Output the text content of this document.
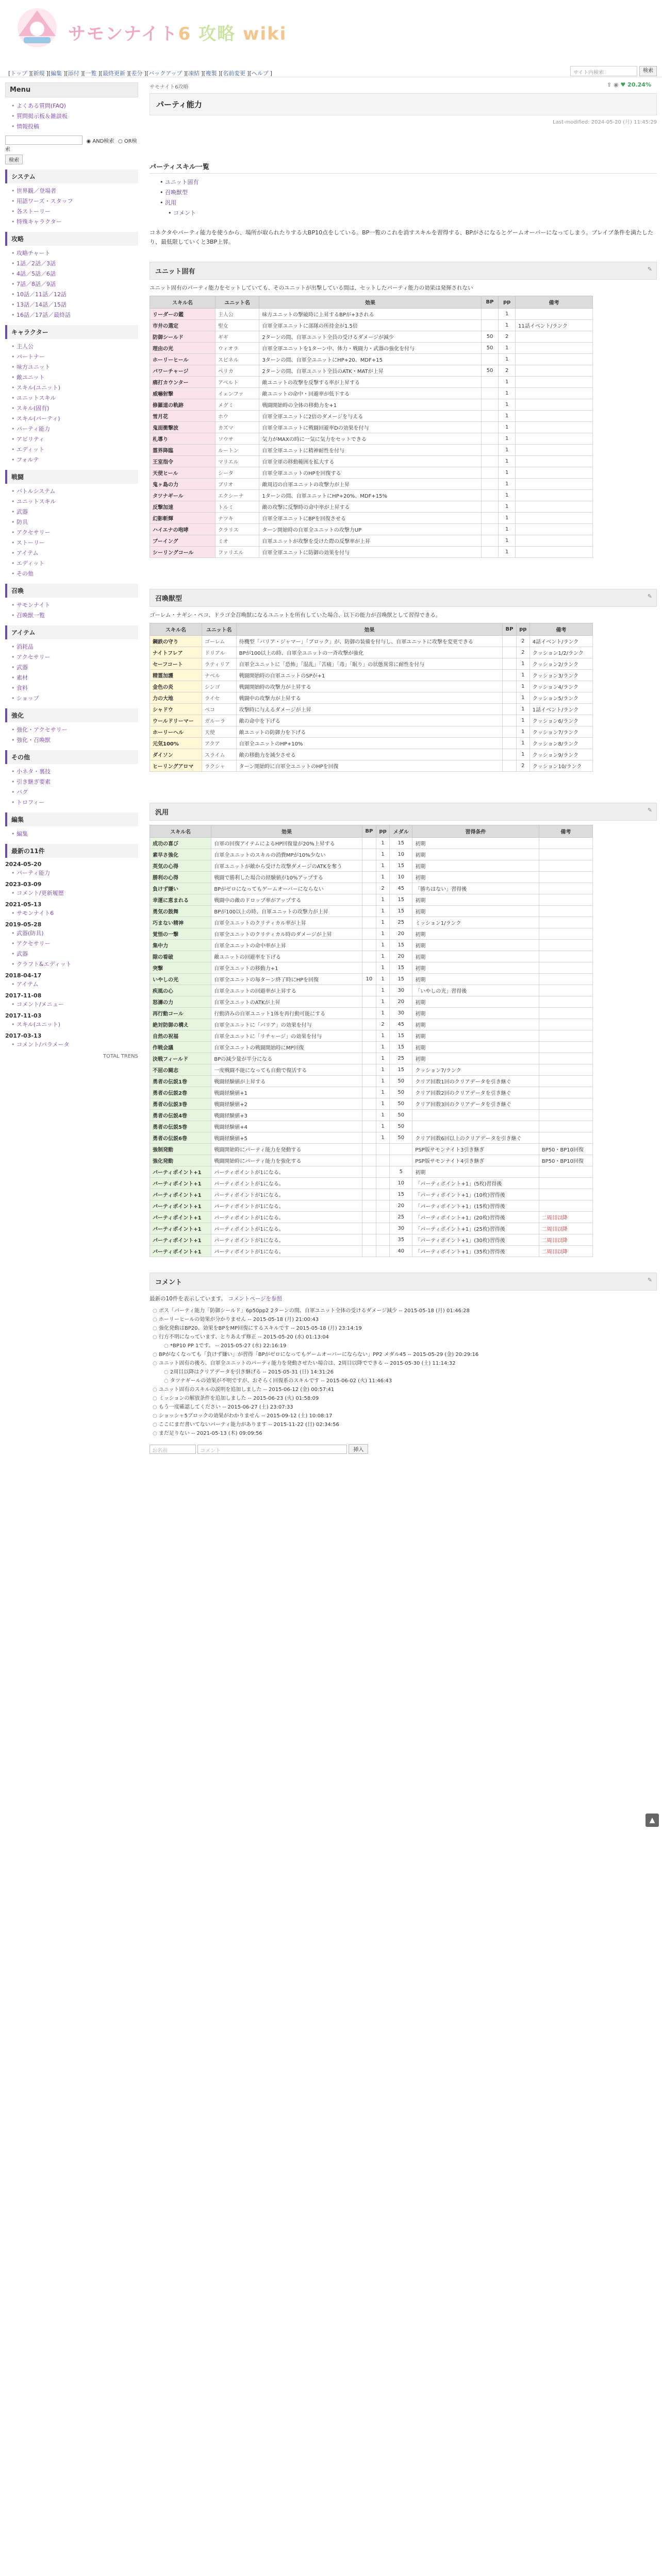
サモンナイト6 攻略 wiki
[トップ ][新規 ][編集 ][添付 ][一覧 ][最終更新 ][差分 ][バックアップ ][凍結 ][複製 ][名前変更 ][ヘルプ ]	サイト内検索	検索
Menu
• よくある質問(FAQ)
• 質問掲示板＆雑談板
• 情報投稿
◉ AND検索 ○ OR検索
検索
システム
• 世界観／登場者
• 用語ワーズ・スタッフ
• 各ストーリー
• 特殊キャラクター
攻略
• 攻略チャート
• 1話／2話／3話
• 4話／5話／6話
• 7話／8話／9話
• 10話／11話／12話
• 13話／14話／15話
• 16話／17話／最終話
キャラクター
• 主人公
• パートナー
• 味方ユニット
• 敵ユニット
• スキル(ユニット)
• ユニットスキル
• スキル(固有)
• スキル(パーティ)
• パーティ能力
• アビリティ
• エディット
• フォルテ
戦闘
• バトルシステム
• ユニットスキル
• 武器
• 防具
• アクセサリー
• ストーリー
• アイテム
• エディット
• その他
召喚
• サモンナイト
• 召喚獣一覧
アイテム
• 消耗品
• アクセサリー
• 武器
• 素材
• 食料
• ショップ
強化
• 強化・アクセサリー
• 強化・召喚獣
その他
• 小ネタ・裏技
• 引き継ぎ要素
• バグ
• トロフィー
編集
• 編集
最新の11件
2024-05-20
• パーティ能力
2023-03-09
• コメント/更新履歴
2021-05-13
• サモンナイト6
2019-05-28
• 武器(防具)
• アクセサリー
• 武器
• クラフト&エディット
2018-04-17
• アイテム
2017-11-08
• コメント/メニュー
2017-11-03
• スキル(ユニット)
2017-03-13
• コメント/パラメータ
TOTAL TRENS
サモナイト6攻略
パーティ能力
⇪ ◉ ♥ 20.24%
Last-modified: 2024-05-20 (月) 11:45:29
パーティスキル一覧
• ユニット固有
• 召喚獣型
• 汎用
• コメント
コネクタやパーティ能力を使うから、場所が取られたりする大BP10点をしている。BP一覧のこれを消すスキルを習得する、BPがさになるとゲームオーバーになってしまう。ブレイブ条件を満たしたり、最低限していくと3BP上昇。
ユニット固有	✎
ユニット固有のパーティ能力をセットしていても、そのユニットが出撃している間は、セットしたパーティ能力の効果は発揮されない
スキル名	ユニット名	効果	BP	pp	備考
リーダーの鑑	主人公	味方ユニットの撃破時に上昇するBPが+3される		1	
市井の選定	聖女	自軍全軍ユニットに部隊の所持金が1.5倍		1	11話イベント/ランク
防御シールド	ギギ	2ターンの間、自軍ユニット全員の受けるダメージが減少	50	2	
理由の光	ウィオラ	自軍全軍ユニットを1ターン中、体力・戦闘力・武器の強化を付与	50	1	
ホーリーヒール	スピネル	3ターンの間、自軍全ユニットにHP+20、MDF+15		1	
パワーチャージ	ペリカ	2ターンの間、自軍ユニット全員のATK・MATが上昇	50	2	
痛打カウンター	アベルト	敵ユニットの攻撃を反撃する率が上昇する		1	
威嚇射撃	イェンファ	敵ユニットの命中・回避率が低下する		1	
修羅道の軌跡	メグミ	戦闘開始時の全体の移動力を+1		1	
雪月花	ホウ	自軍全軍ユニットに2倍のダメージを与える		1	
鬼面衝撃波	カズマ	自軍全軍ユニットに戦闘回避率Dの効果を付与		1	
札導り	ソウサ	気力がMAXの時に一気に気力をセットできる		1	
霊界降臨	ルートン	自軍全軍ユニットに精神耐性を付与		1	
王室指令	マリエル	自軍全軍の移動範囲を拡大する		1	
天使ヒール	シータ	自軍全軍ユニットのHPを回復する		1	
鬼ヶ島の力	ブリオ	敵周辺の自軍ユニットの攻撃力が上昇		1	
タツナギール	エクシーナ	1ターンの間、自軍ユニットにHP+20%、MDF+15%		1	
反撃加速	トルミ	敵の攻撃に反撃時の命中率が上昇する		1	
幻影斬輝	ナツキ	自軍全軍ユニットにBPを回復させる		1	
ハイエナの咆哮	クラリス	ターン開始時の自軍全ユニットの攻撃力UP		1	
ブーイング	ミオ	自軍ユニットが攻撃を受けた際の反撃率が上昇		1	
シーリングコール	ファリエル	自軍全軍ユニットに防御の効果を付与		1	
召喚獣型	✎
ゴーレム・ナギシ・ペコ、ドラゴ全召喚獣になるユニットを所有していた場合、以下の能力が召喚獣として習得できる。
スキル名	ユニット名	効果	BP	pp	備考
鋼鉄の守り	ゴーレム	待機型「バリア・ジャマー」「ブロック」が、防御の装備を付与し、自軍ユニットに攻撃を変更できる		2	4話イベント/ランク
ナイトフレア	ドリアル	BPが100以上の時、自軍全ユニットの一斉攻撃が強化		2	クッション1/2/ランク
セーフコート	ラティリア	自軍全ユニットに「恐怖」「混乱」「苦痛」「毒」「眠り」の状態異常に耐性を付与		1	クッション2/ランク
精霊加護	ナベル	戦闘開始時の自軍ユニットのSPが+1		1	クッション3/ランク
金色の炎	シンゴ	戦闘開始時の攻撃力が上昇する		1	クッション4/ランク
力の大地	ライセ	戦闘中の攻撃力が上昇する		1	クッション5/ランク
シャドウ	ペコ	攻撃時に与えるダメージが上昇		1	1話イベント/ランク
ウールドリーマー	ガルーラ	敵の命中を下げる		1	クッション6/ランク
ホーリーヘル	天使	敵ユニットの防御力を下げる		1	クッション7/ランク
元気100%	アクア	自軍全ユニットのHP+10%		1	クッション8/ランク
ダイソン	スライム	敵の移動力を減少させる		1	クッション9/ランク
ヒーリングアロマ	ラクシャ	ターン開始時に自軍全ユニットのHPを回復		2	クッション10/ランク
汎用	✎
スキル名	効果	BP	pp	メダル	習得条件	備考
成功の喜び	自軍の回復アイテムによるHP回復量が20%上昇する		1	15	初期	
素早さ強化	自軍全ユニットのスキルの消費MPが10%少ない		1	10	初期	
英気の心得	自軍ユニットが敵から受けた攻撃ダメージのATKを奪う		1	15	初期	
勝利の心得	戦闘で勝利した場合の経験値が10%アップする		1	10	初期	
負けず嫌い	BPがゼロになってもゲームオーバーにならない		2	45	「勝ちはない」習得後	
幸運に恵まれる	戦闘中の敵のドロップ率がアップする		1	15	初期	
勇気の鼓舞	BPが100以上の時、自軍ユニットの攻撃力が上昇		1	15	初期	
巧まない精神	自軍全ユニットのクリティカル率が上昇		1	25	ミッション1/ランク	
覚悟の一撃	自軍全ユニットのクリティカル時のダメージが上昇		1	20	初期	
集中力	自軍全ユニットの命中率が上昇		1	15	初期	
隙の看破	敵ユニットの回避率を下げる		1	20	初期	
突撃	自軍全ユニットの移動力+1		1	15	初期	
いやしの光	自軍全ユニットの毎ターン終了時にHPを回復	10	1	15	初期	
疾風の心	自軍全ユニットの回避率が上昇する		1	30	「いやしの光」習得後	
怒濤の力	自軍全ユニットのATKが上昇		1	20	初期	
再行動コール	行動済みの自軍ユニット1体を再行動可能にする		1	30	初期	
絶対防御の構え	自軍全ユニットに「バリア」の効果を付与		2	45	初期	
自然の祝福	自軍全ユニットに「リチャージ」の効果を付与		1	15	初期	
作戦会議	自軍全ユニットの戦闘開始時にMP回復		1	15	初期	
決戦フィールド	BPの減少量が半分になる		1	25	初期	
不屈の闘志	一度戦闘不能になっても自動で復活する		1	15	クッション7/ランク	
勇者の伝説1巻	戦闘経験値が上昇する		1	50	クリア回数1回のクリアデータを引き継ぐ	
勇者の伝説2巻	戦闘経験値+1		1	50	クリア回数2回のクリアデータを引き継ぐ	
勇者の伝説3巻	戦闘経験値+2		1	50	クリア回数3回のクリアデータを引き継ぐ	
勇者の伝説4巻	戦闘経験値+3		1	50		
勇者の伝説5巻	戦闘経験値+4		1	50		
勇者の伝説6巻	戦闘経験値+5		1	50	クリア回数6回以上のクリアデータを引き継ぐ	
強制発動	戦闘開始時にパーティ能力を発動する				PSP版サモンナイト3引き継ぎ	BP50・BP10回復
強化発動	戦闘開始時にパーティ能力を強化する				PSP版サモンナイト4引き継ぎ	BP50・BP10回復
パーティポイント+1	パーティポイントが1になる。			5	初期	
パーティポイント+1	パーティポイントが1になる。			10	「パーティポイント+1」(5枚)習得後	
パーティポイント+1	パーティポイントが1になる。			15	「パーティポイント+1」(10枚)習得後	
パーティポイント+1	パーティポイントが1になる。			20	「パーティポイント+1」(15枚)習得後	
パーティポイント+1	パーティポイントが1になる。			25	「パーティポイント+1」(20枚)習得後	二周目以降
パーティポイント+1	パーティポイントが1になる。			30	「パーティポイント+1」(25枚)習得後	二周目以降
パーティポイント+1	パーティポイントが1になる。			35	「パーティポイント+1」(30枚)習得後	二周目以降
パーティポイント+1	パーティポイントが1になる。			40	「パーティポイント+1」(35枚)習得後	二周目以降
コメント	✎
最新の10件を表示しています。 コメントページを参照
○ ボス「パーティ能力「防御シールド」6p50pp2 2ターンの間、自軍ユニット全体の受けるダメージ減少 -- 2015-05-18 (月) 01:46:28
○ ホーリーヒールの効果が分かりません -- 2015-05-18 (月) 21:00:43
○ 強化発動はBP20、効果をBPをMP回復にするスキルです -- 2015-05-18 (月) 23:14:19
○ 行方不明になっています、とりあえず修正 -- 2015-05-20 (水) 01:13:04
○ *BP10 PP 1です。 -- 2015-05-27 (水) 22:16:19
○ BPがなくなっても「負けず嫌い」が習得「BPがゼロになってもゲームオーバーにならない」PP2 メダル45 -- 2015-05-29 (金) 20:29:16
○ ユニット固有の後ろ、自軍全ユニットのパーティ能力を発動させたい場合は、2周目以降でできる -- 2015-05-30 (土) 11:14:32
○ 2周目以降はクリアデータを引き継げる -- 2015-05-31 (日) 14:31:26
○ タツナギールの効果が不明ですが、おそらく回復系のスキルです -- 2015-06-02 (火) 11:46:43
○ ユニット固有のスキルの説明を追加しました -- 2015-06-12 (金) 00:57:41
○ ミッションの解放条件を追加しました -- 2015-06-23 (火) 01:58:09
○ もう一度確認してください -- 2015-06-27 (土) 23:07:33
○ ショッシャ5ブロックの効果がわかりません -- 2015-09-12 (土) 10:08:17
○ ここにまだ書いてないパーティ能力があります -- 2015-11-22 (日) 02:34:56
○ まだ足りない -- 2021-05-13 (木) 09:09:56
お名前	コメント	挿入
▲
